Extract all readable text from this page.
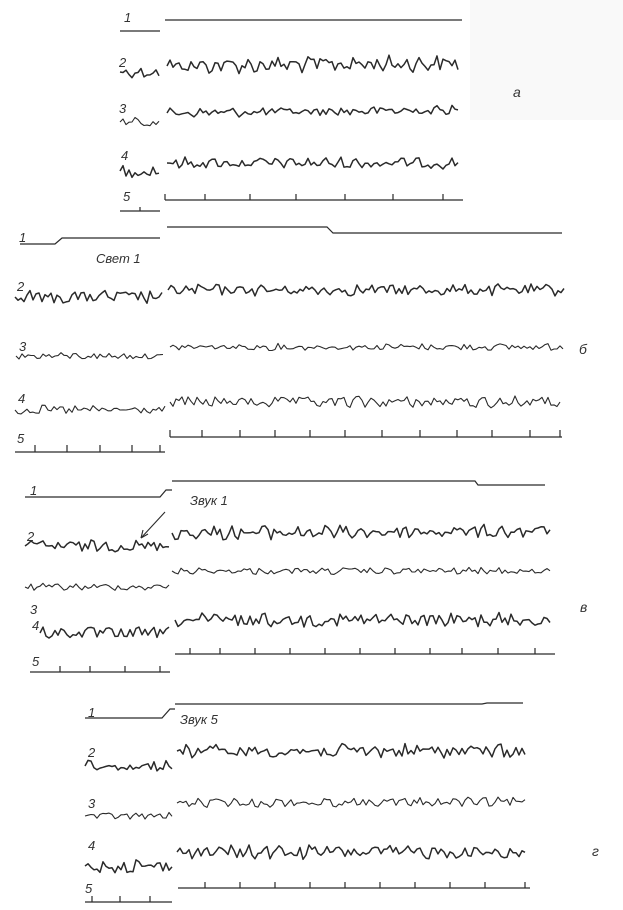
1
2
3
4
5
а
1
Свет 1
2
3
4
5
б
1
Звук 1
2
3
4
5
в
1	Звук 5
2
3
4
5
г
